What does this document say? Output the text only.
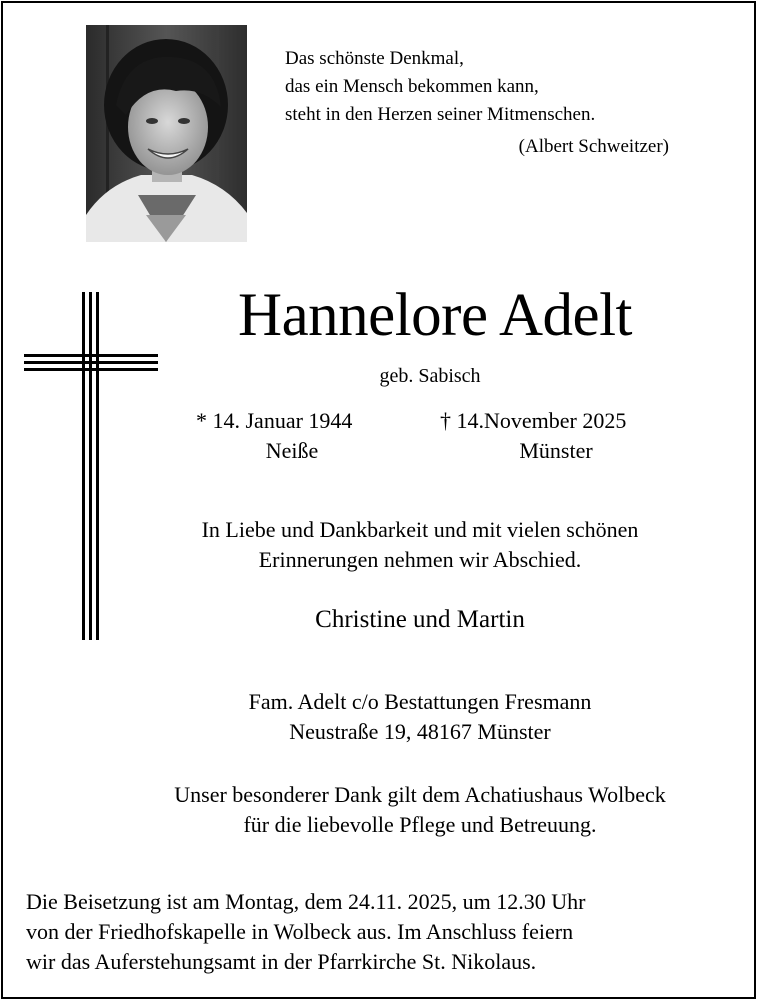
Das schönste Denkmal,
das ein Mensch bekommen kann,
steht in den Herzen seiner Mitmenschen.
(Albert Schweitzer)
Hannelore Adelt
geb. Sabisch
* 14. Januar 1944
Neiße
† 14.November 2025
Münster
In Liebe und Dankbarkeit und mit vielen schönen
Erinnerungen nehmen wir Abschied.
Christine und Martin
Fam. Adelt c/o Bestattungen Fresmann
Neustraße 19, 48167 Münster
Unser besonderer Dank gilt dem Achatiushaus Wolbeck
für die liebevolle Pflege und Betreuung.
Die Beisetzung ist am Montag, dem 24.11. 2025, um 12.30 Uhr
von der Friedhofskapelle in Wolbeck aus. Im Anschluss feiern
wir das Auferstehungsamt in der Pfarrkirche St. Nikolaus.
